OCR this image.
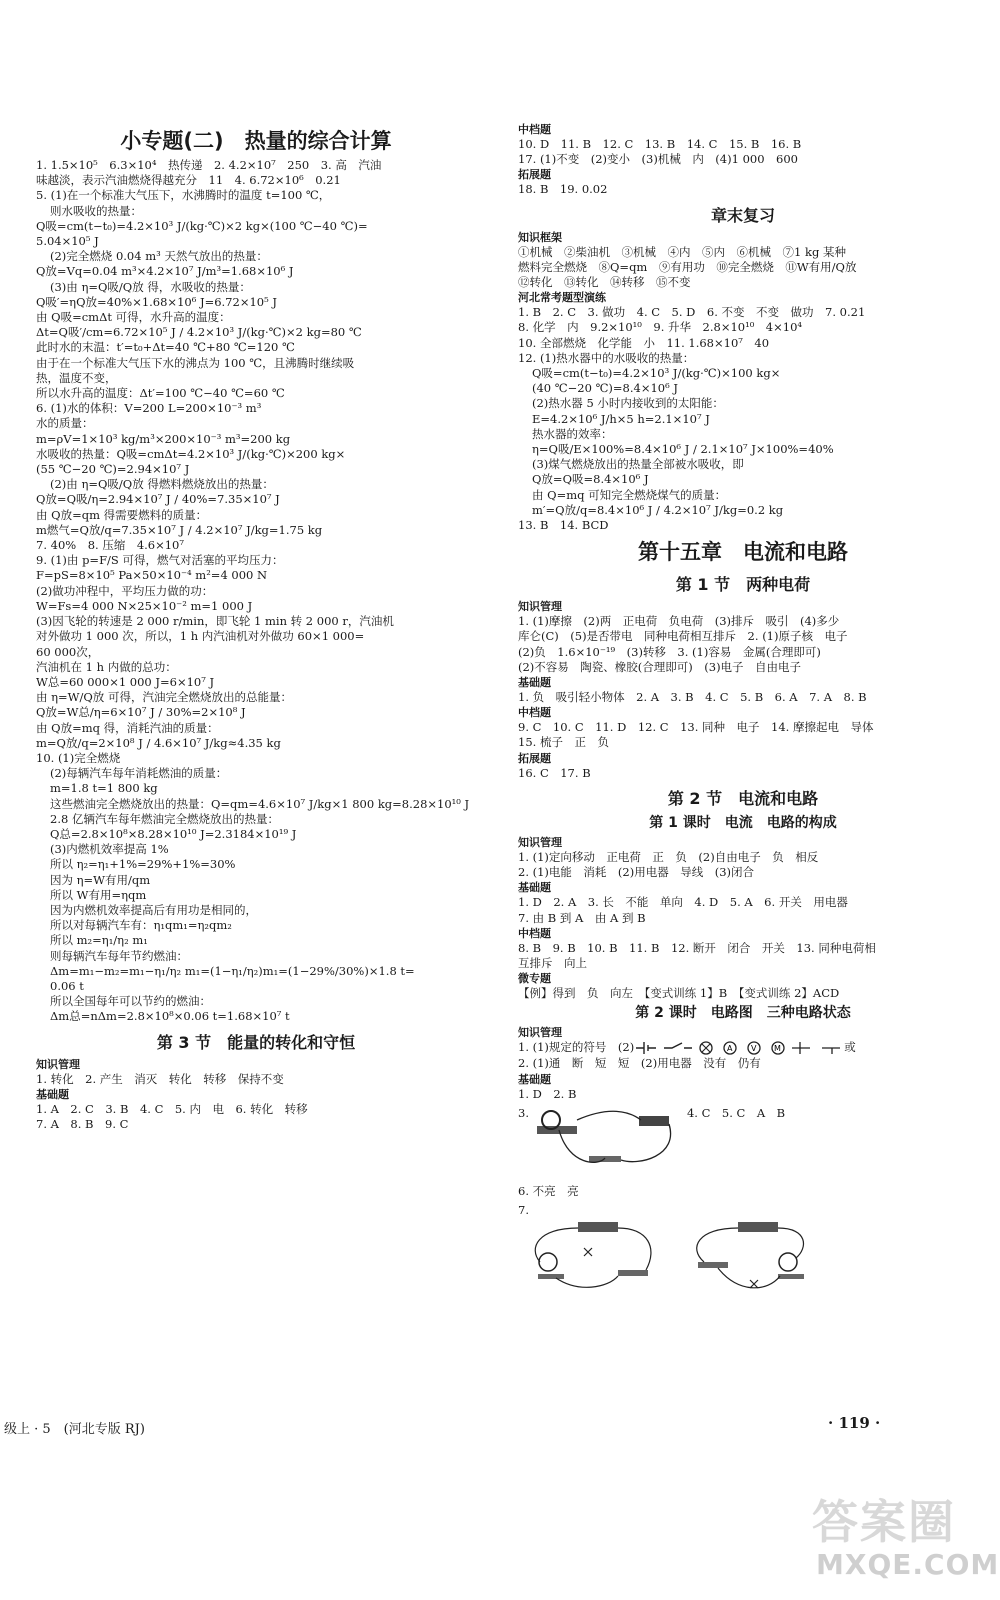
小专题(二)　热量的综合计算
1. 1.5×10⁵　6.3×10⁴　热传递　2. 4.2×10⁷　250　3. 高　汽油
味越淡，表示汽油燃烧得越充分　11　4. 6.72×10⁶　0.21
5. (1)在一个标准大气压下，水沸腾时的温度 t=100 ℃，
则水吸收的热量：
Q吸=cm(t−t₀)=4.2×10³ J/(kg·℃)×2 kg×(100 ℃−40 ℃)=
5.04×10⁵ J
(2)完全燃烧 0.04 m³ 天然气放出的热量：
Q放=Vq=0.04 m³×4.2×10⁷ J/m³=1.68×10⁶ J
(3)由 η=Q吸/Q放 得，水吸收的热量：
Q吸′=ηQ放=40%×1.68×10⁶ J=6.72×10⁵ J
由 Q吸=cmΔt 可得，水升高的温度：
Δt=Q吸′/cm=6.72×10⁵ J / 4.2×10³ J/(kg·℃)×2 kg=80 ℃
此时水的末温：t′=t₀+Δt=40 ℃+80 ℃=120 ℃
由于在一个标准大气压下水的沸点为 100 ℃，且沸腾时继续吸
热，温度不变，
所以水升高的温度：Δt′=100 ℃−40 ℃=60 ℃
6. (1)水的体积：V=200 L=200×10⁻³ m³
水的质量：
m=ρV=1×10³ kg/m³×200×10⁻³ m³=200 kg
水吸收的热量：Q吸=cmΔt=4.2×10³ J/(kg·℃)×200 kg×
(55 ℃−20 ℃)=2.94×10⁷ J
(2)由 η=Q吸/Q放 得燃料燃烧放出的热量：
Q放=Q吸/η=2.94×10⁷ J / 40%=7.35×10⁷ J
由 Q放=qm 得需要燃料的质量：
m燃气=Q放/q=7.35×10⁷ J / 4.2×10⁷ J/kg=1.75 kg
7. 40%　8. 压缩　4.6×10⁷
9. (1)由 p=F/S 可得，燃气对活塞的平均压力：
F=pS=8×10⁵ Pa×50×10⁻⁴ m²=4 000 N
(2)做功冲程中，平均压力做的功：
W=Fs=4 000 N×25×10⁻² m=1 000 J
(3)因飞轮的转速是 2 000 r/min，即飞轮 1 min 转 2 000 r，汽油机
对外做功 1 000 次，所以，1 h 内汽油机对外做功 60×1 000=
60 000次，
汽油机在 1 h 内做的总功：
W总=60 000×1 000 J=6×10⁷ J
由 η=W/Q放 可得，汽油完全燃烧放出的总能量：
Q放=W总/η=6×10⁷ J / 30%=2×10⁸ J
由 Q放=mq 得，消耗汽油的质量：
m=Q放/q=2×10⁸ J / 4.6×10⁷ J/kg≈4.35 kg
10. (1)完全燃烧
(2)每辆汽车每年消耗燃油的质量：
m=1.8 t=1 800 kg
这些燃油完全燃烧放出的热量：Q=qm=4.6×10⁷ J/kg×1 800 kg=8.28×10¹⁰ J
2.8 亿辆汽车每年燃油完全燃烧放出的热量：
Q总=2.8×10⁸×8.28×10¹⁰ J=2.3184×10¹⁹ J
(3)内燃机效率提高 1%
所以 η₂=η₁+1%=29%+1%=30%
因为 η=W有用/qm
所以 W有用=ηqm
因为内燃机效率提高后有用功是相同的，
所以对每辆汽车有：η₁qm₁=η₂qm₂
所以 m₂=η₁/η₂ m₁
则每辆汽车每年节约燃油：
Δm=m₁−m₂=m₁−η₁/η₂ m₁=(1−η₁/η₂)m₁=(1−29%/30%)×1.8 t=
0.06 t
所以全国每年可以节约的燃油：
Δm总=nΔm=2.8×10⁸×0.06 t=1.68×10⁷ t
第 3 节　能量的转化和守恒
知识管理
1. 转化　2. 产生　消灭　转化　转移　保持不变
基础题
1. A　2. C　3. B　4. C　5. 内　电　6. 转化　转移
7. A　8. B　9. C
中档题
10. D　11. B　12. C　13. B　14. C　15. B　16. B
17. (1)不变　(2)变小　(3)机械　内　(4)1 000　600
拓展题
18. B　19. 0.02
章末复习
知识框架
①机械　②柴油机　③机械　④内　⑤内　⑥机械　⑦1 kg 某种
燃料完全燃烧　⑧Q=qm　⑨有用功　⑩完全燃烧　⑪W有用/Q放
⑫转化　⑬转化　⑭转移　⑮不变
河北常考题型演练
1. B　2. C　3. 做功　4. C　5. D　6. 不变　不变　做功　7. 0.21
8. 化学　内　9.2×10¹⁰　9. 升华　2.8×10¹⁰　4×10⁴
10. 全部燃烧　化学能　小　11. 1.68×10⁷　40
12. (1)热水器中的水吸收的热量：
Q吸=cm(t−t₀)=4.2×10³ J/(kg·℃)×100 kg×
(40 ℃−20 ℃)=8.4×10⁶ J
(2)热水器 5 小时内接收到的太阳能：
E=4.2×10⁶ J/h×5 h=2.1×10⁷ J
热水器的效率：
η=Q吸/E×100%=8.4×10⁶ J / 2.1×10⁷ J×100%=40%
(3)煤气燃烧放出的热量全部被水吸收，即
Q放=Q吸=8.4×10⁶ J
由 Q=mq 可知完全燃烧煤气的质量：
m′=Q放/q=8.4×10⁶ J / 4.2×10⁷ J/kg=0.2 kg
13. B　14. BCD
第十五章　电流和电路
第 1 节　两种电荷
知识管理
1. (1)摩擦　(2)两　正电荷　负电荷　(3)排斥　吸引　(4)多少
库仑(C)　(5)是否带电　同种电荷相互排斥　2. (1)原子核　电子
(2)负　1.6×10⁻¹⁹　(3)转移　3. (1)容易　金属(合理即可)
(2)不容易　陶瓷、橡胶(合理即可)　(3)电子　自由电子
基础题
1. 负　吸引轻小物体　2. A　3. B　4. C　5. B　6. A　7. A　8. B
中档题
9. C　10. C　11. D　12. C　13. 同种　电子　14. 摩擦起电　导体
15. 梳子　正　负
拓展题
16. C　17. B
第 2 节　电流和电路
第 1 课时　电流　电路的构成
知识管理
1. (1)定向移动　正电荷　正　负　(2)自由电子　负　相反
2. (1)电能　消耗　(2)用电器　导线　(3)闭合
基础题
1. D　2. A　3. 长　不能　单向　4. D　5. A　6. 开关　用电器
7. 由 B 到 A　由 A 到 B
中档题
8. B　9. B　10. B　11. B　12. 断开　闭合　开关　13. 同种电荷相
互排斥　向上
微专题
【例】得到　负　向左　【变式训练 1】B　【变式训练 2】ACD
第 2 课时　电路图　三种电路状态
知识管理
1. (1)规定的符号　(2)	A V M	或
2. (1)通　断　短　短　(2)用电器　没有　仍有
基础题
1. D　2. B
3.	4. C　5. C　A　B
6. 不亮　亮
7.
级上 · 5　(河北专版 RJ)	· 119 ·
答案圈
MXQE.COM
